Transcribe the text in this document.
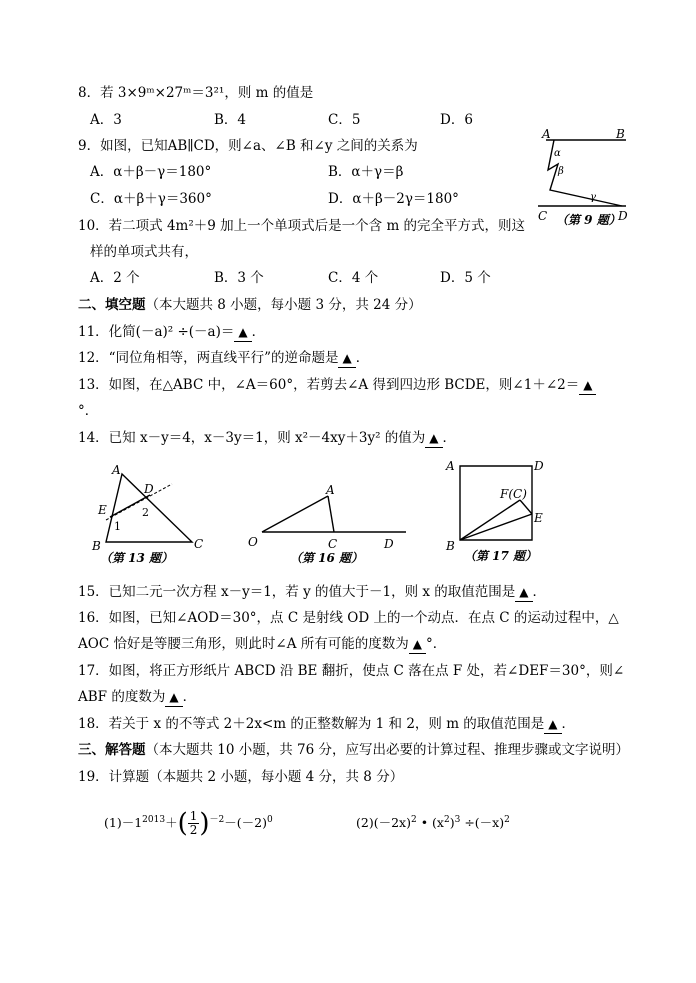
8．若 3×9ᵐ×27ᵐ＝3²¹，则 m 的值是
A．3	B．4	C．5	D．6
9．如图，已知AB∥CD，则∠a、∠B 和∠y 之间的关系为
A．α＋β－γ＝180°	B．α＋γ＝β
C．α＋β＋γ＝360°	D．α＋β－2γ＝180°
A	B
α
β
γ
C	D
（第 9 题）
10．若二项式 4m²＋9 加上一个单项式后是一个含 m 的完全平方式，则这
样的单项式共有，
A．2 个	B．3 个	C．4 个	D．5 个
二、填空题（本大题共 8 小题，每小题 3 分，共 24 分）
11．化简(－a)² ÷(－a)＝ ▲ ．
12．“同位角相等，两直线平行”的逆命题是 ▲ ．
13．如图，在△ABC 中，∠A＝60°，若剪去∠A 得到四边形 BCDE，则∠1＋∠2＝ ▲
°．
14．已知 x－y＝4，x－3y＝1，则 x²－4xy＋3y² 的值为 ▲ ．
A
D
E
1
2
B	C
（第 13 题）
A
O	C	D
（第 16 题）
A	D
F(C)
E
B
（第 17 题）
15．已知二元一次方程 x－y＝1，若 y 的值大于－1，则 x 的取值范围是 ▲ ．
16．如图，已知∠AOD＝30°，点 C 是射线 OD 上的一个动点．在点 C 的运动过程中，△
AOC 恰好是等腰三角形，则此时∠A 所有可能的度数为 ▲ °．
17．如图，将正方形纸片 ABCD 沿 BE 翻折，使点 C 落在点 F 处，若∠DEF＝30°，则∠
ABF 的度数为 ▲ ．
18．若关于 x 的不等式 2＋2x<m 的正整数解为 1 和 2，则 m 的取值范围是 ▲ ．
三、解答题（本大题共 10 小题，共 76 分，应写出必要的计算过程、推理步骤或文字说明）
19．计算题（本题共 2 小题，每小题 4 分，共 8 分）
$(1)-1^{2013}+( \frac{1}{2} )^{-2}-(-2)^0$	$(2)(-2x)^2$ • $(x^2)^3 \div(-x)^2$
